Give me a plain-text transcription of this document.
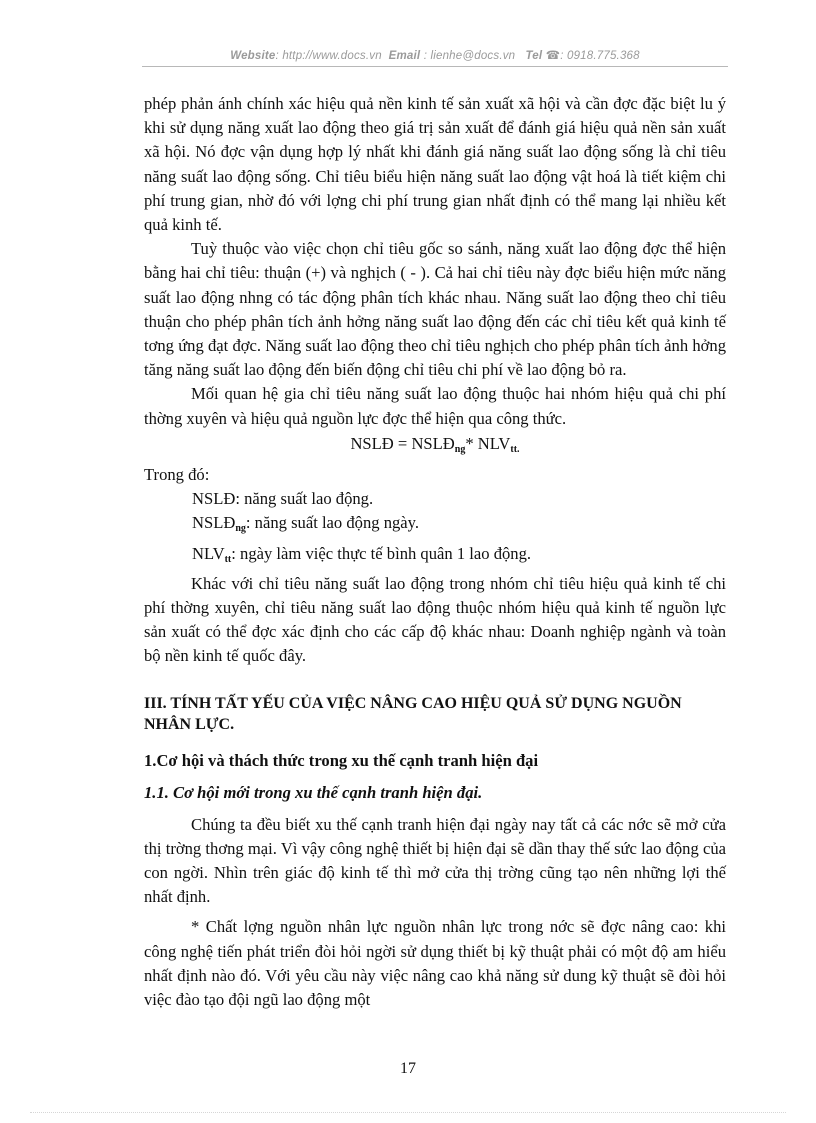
Website: http://www.docs.vn Email : lienhe@docs.vn Tel ☎: 0918.775.368

phép phản ánh chính xác hiệu quả nền kinh tế sản xuất xã hội và cần đợc đặc biệt lu ý khi sử dụng năng xuất lao động theo giá trị sản xuất để đánh giá hiệu quả nền sản xuất xã hội. Nó đợc vận dụng hợp lý nhất khi đánh giá năng suất lao động sống là chỉ tiêu năng suất lao động sống. Chỉ tiêu biểu hiện năng suất lao động vật hoá là tiết kiệm chi phí trung gian, nhờ đó với lợng chi phí trung gian nhất định có thể mang lại nhiều kết quả kinh tế.

Tuỳ thuộc vào việc chọn chỉ tiêu gốc so sánh, năng xuất lao động đợc thể hiện bằng hai chỉ tiêu: thuận (+) và nghịch ( - ). Cả hai chỉ tiêu này đợc biểu hiện mức năng suất lao động nhng có tác động phân tích khác nhau. Năng suất lao động theo chỉ tiêu thuận cho phép phân tích ảnh hởng năng suất lao động đến các chỉ tiêu kết quả kinh tế tơng ứng đạt đợc. Năng suất lao động theo chỉ tiêu nghịch cho phép phân tích ảnh hởng tăng năng suất lao động đến biến động chỉ tiêu chi phí về lao động bỏ ra.

Mối quan hệ gia chỉ tiêu năng suất lao động thuộc hai nhóm hiệu quả chi phí thờng xuyên và hiệu quả nguồn lực đợc thể hiện qua công thức.

NSLĐ = $NSLĐ_{ng}*$ $NLV_{tt.}$

Trong đó:

NSLĐ: năng suất lao động.

$NSLĐ_{ng}$: năng suất lao động ngày.

$NLV_{tt}$: ngày làm việc thực tế bình quân 1 lao động.

Khác với chỉ tiêu năng suất lao động trong nhóm chỉ tiêu hiệu quả kinh tế chi phí thờng xuyên, chỉ tiêu năng suất lao động thuộc nhóm hiệu quả kinh tế nguồn lực sản xuất có thể đợc xác định cho các cấp độ khác nhau: Doanh nghiệp ngành và toàn bộ nền kinh tế quốc đây.

III. TÍNH TẤT YẾU CỦA VIỆC NÂNG CAO HIỆU QUẢ SỬ DỤNG NGUỒN NHÂN LỰC.
1.Cơ hội và thách thức trong xu thế cạnh tranh hiện đại
1.1. Cơ hội mới trong xu thế cạnh tranh hiện đại.

Chúng ta đều biết xu thế cạnh tranh hiện đại ngày nay tất cả các nớc sẽ mở cửa thị trờng thơng mại. Vì vậy công nghệ thiết bị hiện đại sẽ dần thay thế sức lao động của con ngời. Nhìn trên giác độ kinh tế thì mở cửa thị trờng cũng tạo nên những lợi thế nhất định.

* Chất lợng nguồn nhân lực nguồn nhân lực trong nớc sẽ đợc nâng cao: khi công nghệ tiến phát triển đòi hỏi ngời sử dụng thiết bị kỹ thuật phải có một độ am hiểu nhất định nào đó. Với yêu cầu này việc nâng cao khả năng sử dung kỹ thuật sẽ đòi hỏi việc đào tạo đội ngũ lao động một

17
